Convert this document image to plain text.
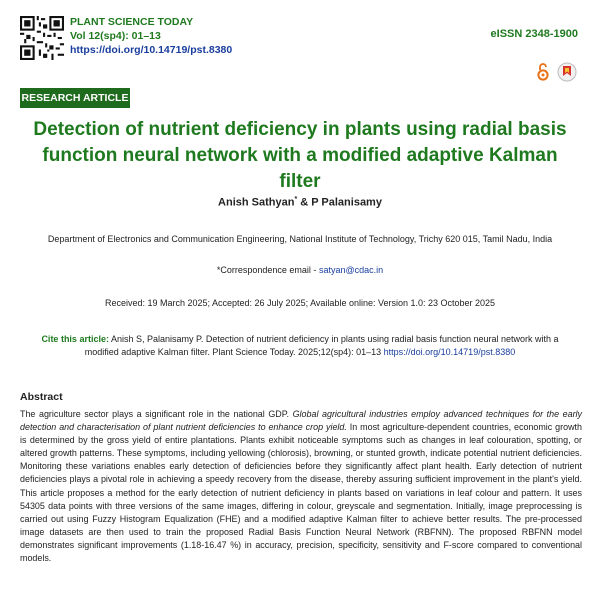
PLANT SCIENCE TODAY
Vol 12(sp4): 01–13
https://doi.org/10.14719/pst.8380
eISSN 2348-1900
RESEARCH ARTICLE
Detection of nutrient deficiency in plants using radial basis function neural network with a modified adaptive Kalman filter
Anish Sathyan* & P Palanisamy
Department of Electronics and Communication Engineering, National Institute of Technology, Trichy 620 015, Tamil Nadu, India
*Correspondence email - satyan@cdac.in
Received: 19 March 2025; Accepted: 26 July 2025; Available online: Version 1.0: 23 October 2025
Cite this article: Anish S, Palanisamy P. Detection of nutrient deficiency in plants using radial basis function neural network with a modified adaptive Kalman filter. Plant Science Today. 2025;12(sp4): 01–13 https://doi.org/10.14719/pst.8380
Abstract
The agriculture sector plays a significant role in the national GDP. Global agricultural industries employ advanced techniques for the early detection and characterisation of plant nutrient deficiencies to enhance crop yield. In most agriculture-dependent countries, economic growth is determined by the gross yield of entire plantations. Plants exhibit noticeable symptoms such as changes in leaf colouration, spotting, or altered growth patterns. These symptoms, including yellowing (chlorosis), browning, or stunted growth, indicate potential nutrient deficiencies. Monitoring these variations enables early detection of deficiencies before they significantly affect plant health. Early detection of nutrient deficiencies plays a pivotal role in achieving a speedy recovery from the disease, thereby assuring sufficient improvement in the plant's yield. This article proposes a method for the early detection of nutrient deficiency in plants based on variations in leaf colour and pattern. It uses 54305 data points with three versions of the same images, differing in colour, greyscale and segmentation. Initially, image preprocessing is carried out using Fuzzy Histogram Equalization (FHE) and a modified adaptive Kalman filter to achieve better results. The pre-processed image datasets are then used to train the proposed Radial Basis Function Neural Network (RBFNN). The proposed RBFNN model demonstrates significant improvements (1.18-16.47 %) in accuracy, precision, specificity, sensitivity and F-score compared to conventional models.
